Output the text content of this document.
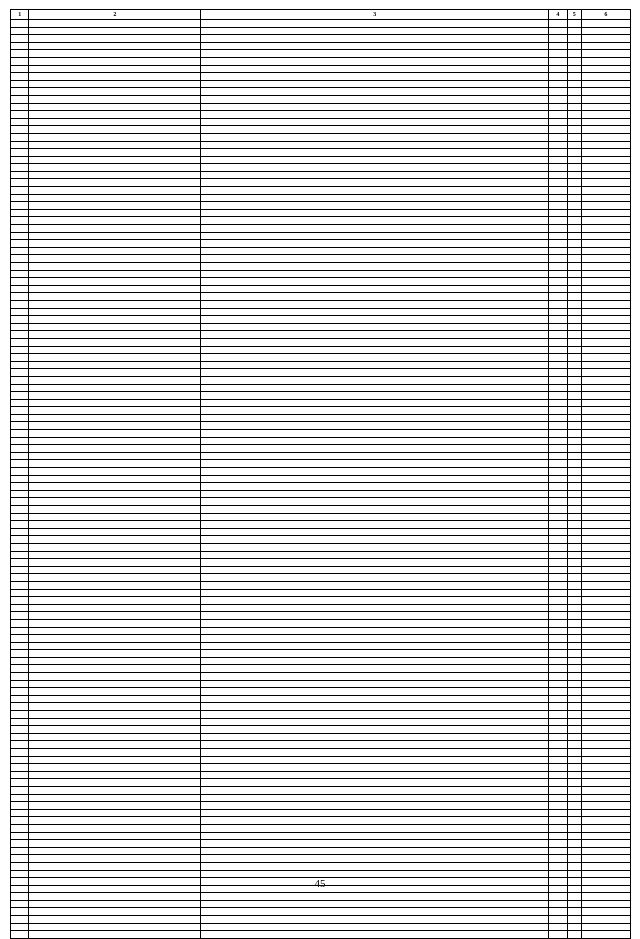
1	2	3	4	5	6

45
